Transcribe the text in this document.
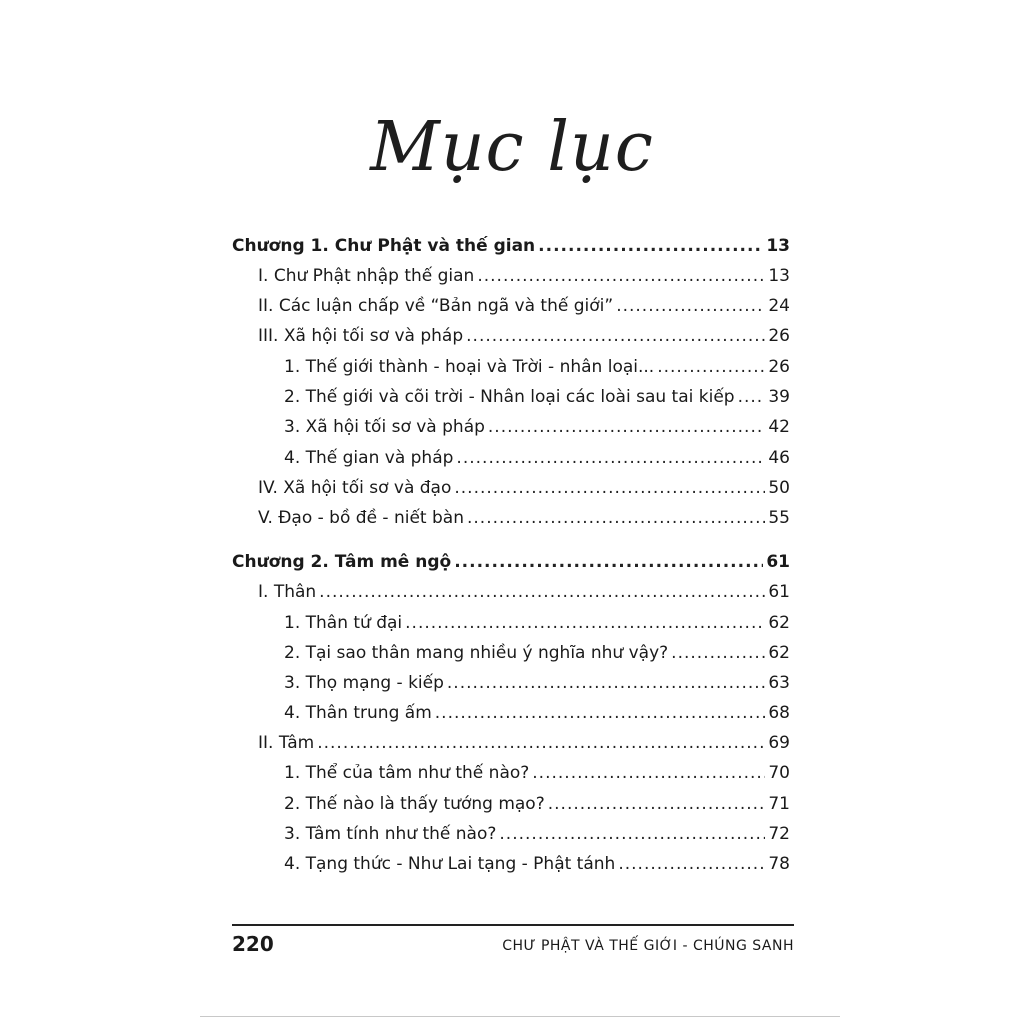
Mục lục
Chương 1. Chư Phật và thế gian .....	13
I. Chư Phật nhập thế gian .....	13
II. Các luận chấp về “Bản ngã và thế giới” .....	24
III. Xã hội tối sơ và pháp .....	26
1. Thế giới thành - hoại và Trời - nhân loại... .....	26
2. Thế giới và cõi trời - Nhân loại các loài sau tai kiếp ..... 39
3. Xã hội tối sơ và pháp .....	42
4. Thế gian và pháp .....	46
IV. Xã hội tối sơ và đạo .....	50
V. Đạo - bồ đề - niết bàn .....	55
Chương 2. Tâm mê ngộ .....	61
I. Thân .....	61
1. Thân tứ đại .....	62
2. Tại sao thân mang nhiều ý nghĩa như vậy? .....	62
3. Thọ mạng - kiếp .....	63
4. Thân trung ấm .....	68
II. Tâm .....	69
1. Thể của tâm như thế nào? .....	70
2. Thế nào là thấy tướng mạo? .....	71
3. Tâm tính như thế nào? .....	72
4. Tạng thức - Như Lai tạng - Phật tánh .....	78
220	CHƯ PHẬT VÀ THẾ GIỚI - CHÚNG SANH
